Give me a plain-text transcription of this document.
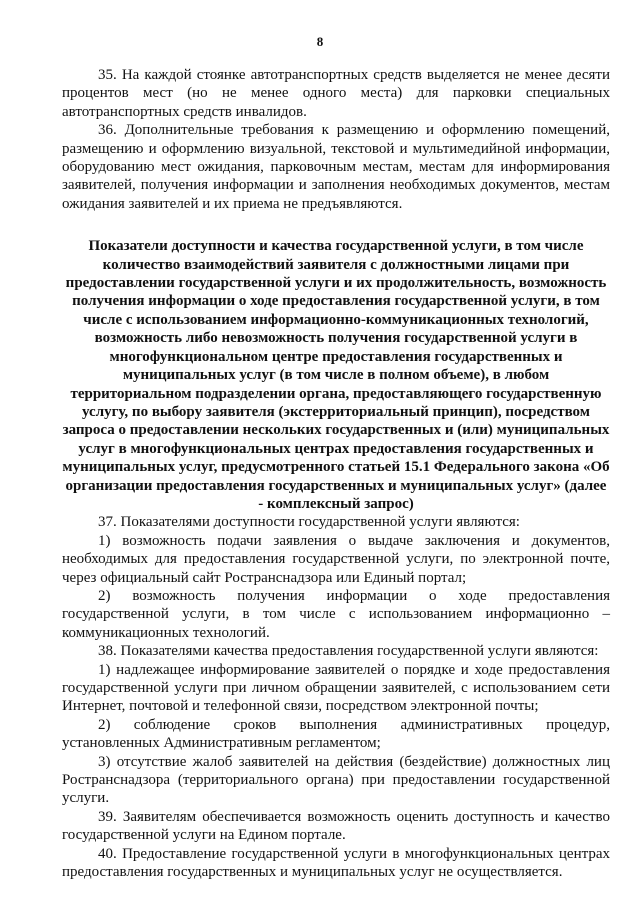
8

35. На каждой стоянке автотранспортных средств выделяется не менее десяти процентов мест (но не менее одного места) для парковки специальных автотранспортных средств инвалидов.

36. Дополнительные требования к размещению и оформлению помещений, размещению и оформлению визуальной, текстовой и мультимедийной информации, оборудованию мест ожидания, парковочным местам, местам для информирования заявителей, получения информации и заполнения необходимых документов, местам ожидания заявителей и их приема не предъявляются.

Показатели доступности и качества государственной услуги, в том числе количество взаимодействий заявителя с должностными лицами при предоставлении государственной услуги и их продолжительность, возможность получения информации о ходе предоставления государственной услуги, в том числе с использованием информационно-коммуникационных технологий, возможность либо невозможность получения государственной услуги в многофункциональном центре предоставления государственных и муниципальных услуг (в том числе в полном объеме), в любом территориальном подразделении органа, предоставляющего государственную услугу, по выбору заявителя (экстерриториальный принцип), посредством запроса о предоставлении нескольких государственных и (или) муниципальных услуг в многофункциональных центрах предоставления государственных и муниципальных услуг, предусмотренного статьей 15.1 Федерального закона «Об организации предоставления государственных и муниципальных услуг» (далее - комплексный запрос)

37. Показателями доступности государственной услуги являются:

1) возможность подачи заявления о выдаче заключения и документов, необходимых для предоставления государственной услуги, по электронной почте, через официальный сайт Ространснадзора или Единый портал;

2) возможность получения информации о ходе предоставления государственной услуги, в том числе с использованием информационно – коммуникационных технологий.

38. Показателями качества предоставления государственной услуги являются:

1) надлежащее информирование заявителей о порядке и ходе предоставления государственной услуги при личном обращении заявителей, с использованием сети Интернет, почтовой и телефонной связи, посредством электронной почты;

2) соблюдение сроков выполнения административных процедур, установленных Административным регламентом;

3) отсутствие жалоб заявителей на действия (бездействие) должностных лиц Ространснадзора (территориального органа) при предоставлении государственной услуги.

39. Заявителям обеспечивается возможность оценить доступность и качество государственной услуги на Едином портале.

40. Предоставление государственной услуги в многофункциональных центрах предоставления государственных и муниципальных услуг не осуществляется.
